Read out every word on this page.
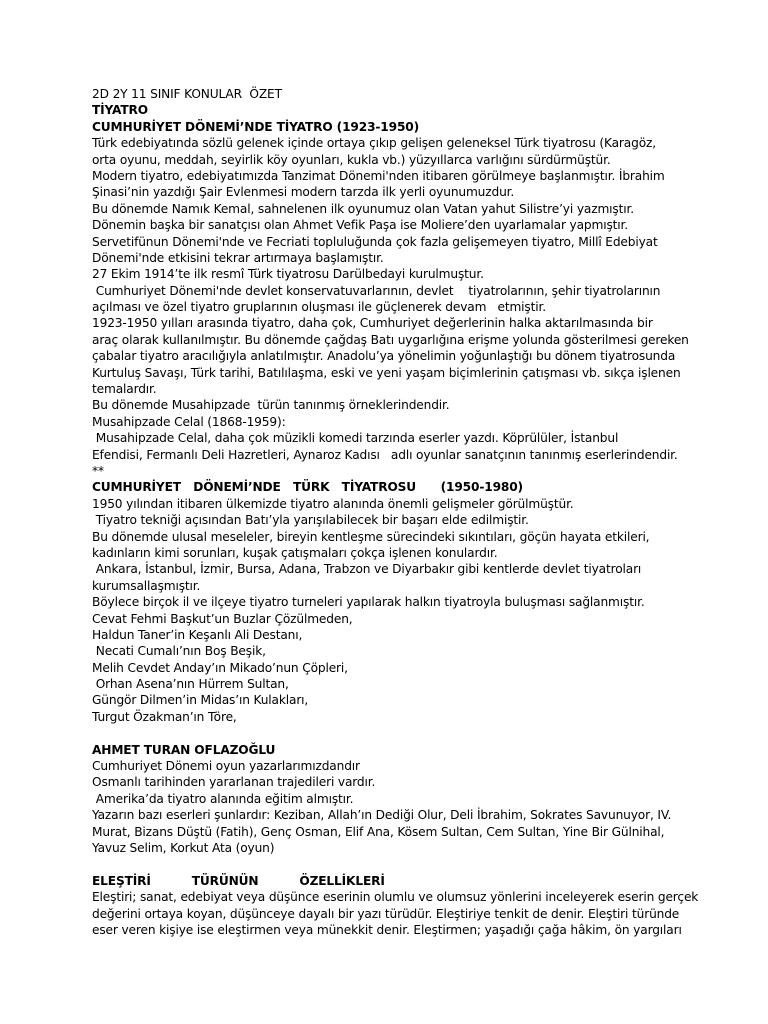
2D 2Y 11 SINIF KONULAR  ÖZET
TİYATRO
CUMHURİYET DÖNEMİ’NDE TİYATRO (1923-1950)
Türk edebiyatında sözlü gelenek içinde ortaya çıkıp gelişen geleneksel Türk tiyatrosu (Karagöz,
orta oyunu, meddah, seyirlik köy oyunları, kukla vb.) yüzyıllarca varlığını sürdürmüştür.
Modern tiyatro, edebiyatımızda Tanzimat Dönemi'nden itibaren görülmeye başlanmıştır. İbrahim
Şinasi’nin yazdığı Şair Evlenmesi modern tarzda ilk yerli oyunumuzdur.
Bu dönemde Namık Kemal, sahnelenen ilk oyunumuz olan Vatan yahut Silistre’yi yazmıştır.
Dönemin başka bir sanatçısı olan Ahmet Vefik Paşa ise Moliere’den uyarlamalar yapmıştır.
Servetifünun Dönemi'nde ve Fecriati topluluğunda çok fazla gelişemeyen tiyatro, Millî Edebiyat
Dönemi'nde etkisini tekrar artırmaya başlamıştır.
27 Ekim 1914’te ilk resmî Türk tiyatrosu Darülbedayi kurulmuştur.
Cumhuriyet Dönemi'nde devlet konservatuvarlarının, devlet    tiyatrolarının, şehir tiyatrolarının
açılması ve özel tiyatro gruplarının oluşması ile güçlenerek devam   etmiştir.
1923-1950 yılları arasında tiyatro, daha çok, Cumhuriyet değerlerinin halka aktarılmasında bir
araç olarak kullanılmıştır. Bu dönemde çağdaş Batı uygarlığına erişme yolunda gösterilmesi gereken
çabalar tiyatro aracılığıyla anlatılmıştır. Anadolu’ya yönelimin yoğunlaştığı bu dönem tiyatrosunda
Kurtuluş Savaşı, Türk tarihi, Batılılaşma, eski ve yeni yaşam biçimlerinin çatışması vb. sıkça işlenen
temalardır.
Bu dönemde Musahipzade  türün tanınmış örneklerindendir.
Musahipzade Celal (1868-1959):
Musahipzade Celal, daha çok müzikli komedi tarzında eserler yazdı. Köprülüler, İstanbul
Efendisi, Fermanlı Deli Hazretleri, Aynaroz Kadısı   adlı oyunlar sanatçının tanınmış eserlerindendir.
**
CUMHURİYET   DÖNEMİ’NDE   TÜRK   TİYATROSU      (1950-1980)
1950 yılından itibaren ülkemizde tiyatro alanında önemli gelişmeler görülmüştür.
Tiyatro tekniği açısından Batı’yla yarışılabilecek bir başarı elde edilmiştir.
Bu dönemde ulusal meseleler, bireyin kentleşme sürecindeki sıkıntıları, göçün hayata etkileri,
kadınların kimi sorunları, kuşak çatışmaları çokça işlenen konulardır.
Ankara, İstanbul, İzmir, Bursa, Adana, Trabzon ve Diyarbakır gibi kentlerde devlet tiyatroları
kurumsallaşmıştır.
Böylece birçok il ve ilçeye tiyatro turneleri yapılarak halkın tiyatroyla buluşması sağlanmıştır.
Cevat Fehmi Başkut’un Buzlar Çözülmeden,
Haldun Taner’in Keşanlı Ali Destanı,
Necati Cumalı’nın Boş Beşik,
Melih Cevdet Anday’ın Mikado’nun Çöpleri,
Orhan Asena’nın Hürrem Sultan,
Güngör Dilmen’in Midas’ın Kulakları,
Turgut Özakman’ın Töre,
AHMET TURAN OFLAZOĞLU
Cumhuriyet Dönemi oyun yazarlarımızdandır
Osmanlı tarihinden yararlanan trajedileri vardır.
Amerika’da tiyatro alanında eğitim almıştır.
Yazarın bazı eserleri şunlardır: Keziban, Allah’ın Dediği Olur, Deli İbrahim, Sokrates Savunuyor, IV.
Murat, Bizans Düştü (Fatih), Genç Osman, Elif Ana, Kösem Sultan, Cem Sultan, Yine Bir Gülnihal,
Yavuz Selim, Korkut Ata (oyun)
ELEŞTİRİ          TÜRÜNÜN          ÖZELLİKLERİ
Eleştiri; sanat, edebiyat veya düşünce eserinin olumlu ve olumsuz yönlerini inceleyerek eserin gerçek
değerini ortaya koyan, düşünceye dayalı bir yazı türüdür. Eleştiriye tenkit de denir. Eleştiri türünde
eser veren kişiye ise eleştirmen veya münekkit denir. Eleştirmen; yaşadığı çağa hâkim, ön yargıları
